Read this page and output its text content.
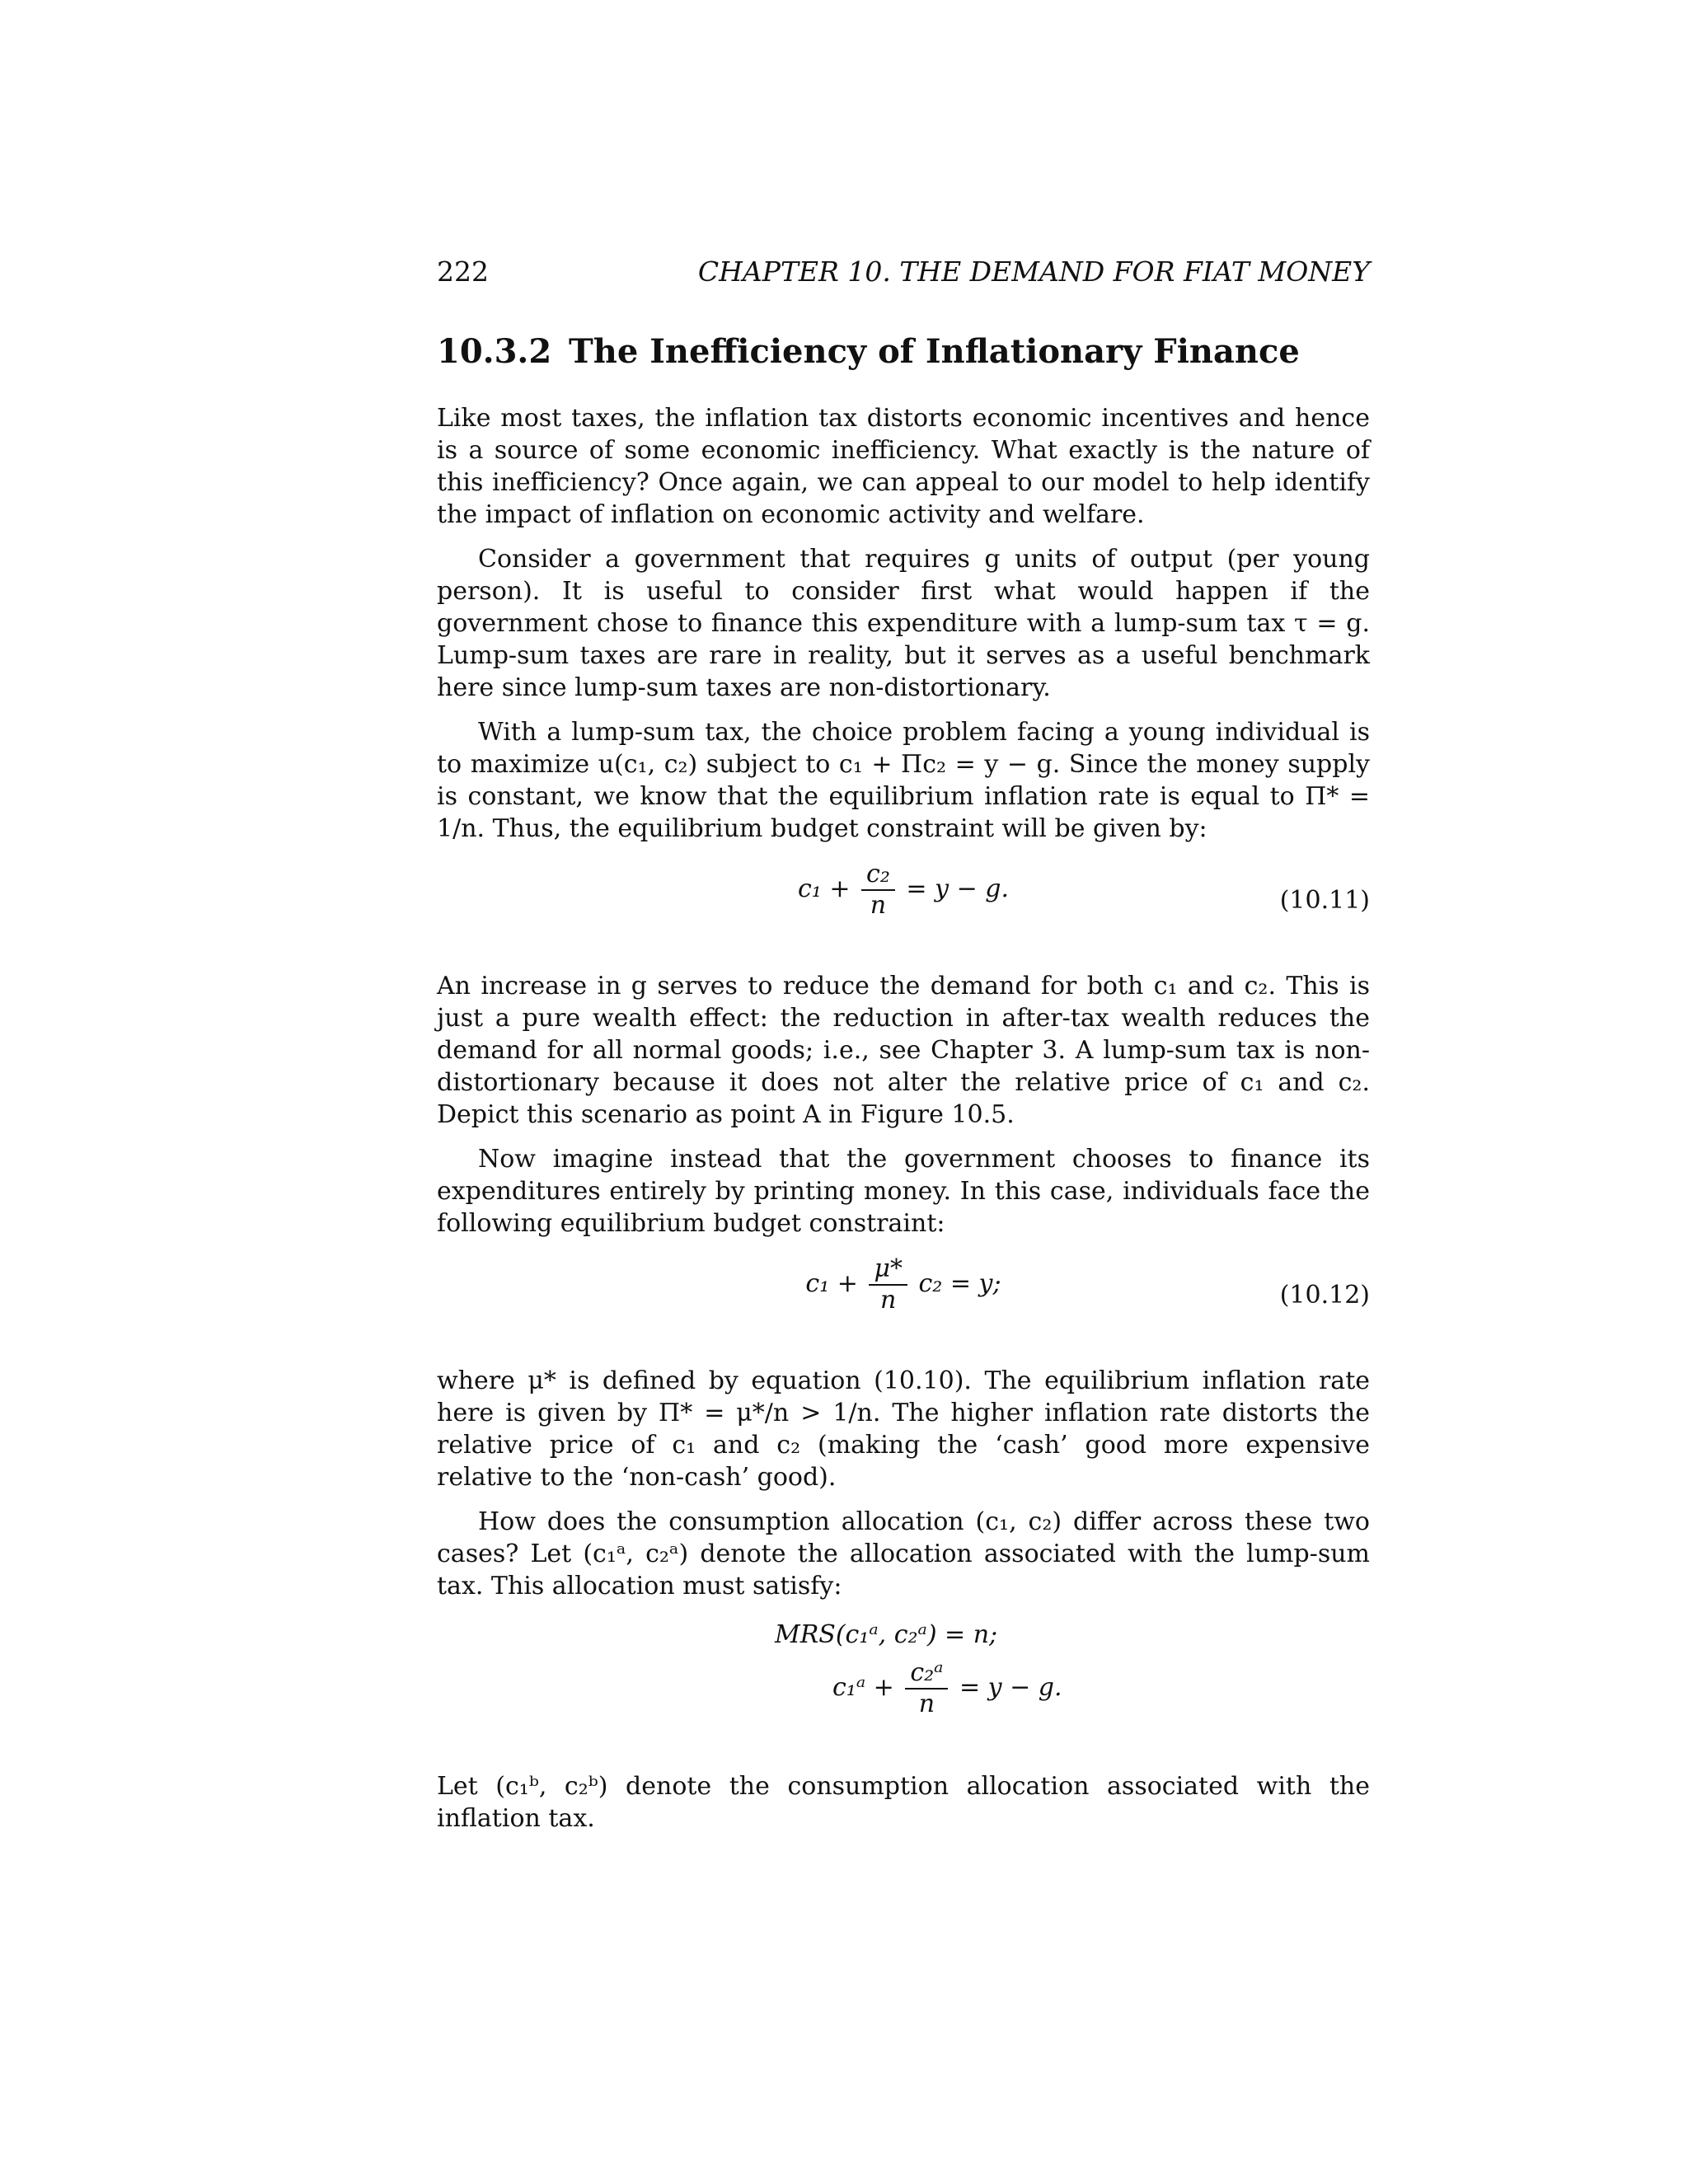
222	CHAPTER 10. THE DEMAND FOR FIAT MONEY
10.3.2 The Inefficiency of Inflationary Finance

Like most taxes, the inflation tax distorts economic incentives and hence is a source of some economic inefficiency. What exactly is the nature of this inefficiency? Once again, we can appeal to our model to help identify the impact of inflation on economic activity and welfare.

Consider a government that requires g units of output (per young person). It is useful to consider first what would happen if the government chose to finance this expenditure with a lump-sum tax τ = g. Lump-sum taxes are rare in reality, but it serves as a useful benchmark here since lump-sum taxes are non-distortionary.

With a lump-sum tax, the choice problem facing a young individual is to maximize u(c₁, c₂) subject to c₁ + Πc₂ = y − g. Since the money supply is constant, we know that the equilibrium inflation rate is equal to Π* = 1/n. Thus, the equilibrium budget constraint will be given by:

$c_1 + \frac{\text{c₂}}{n} = y - g$.	(10.11)

An increase in g serves to reduce the demand for both c₁ and c₂. This is just a pure wealth effect: the reduction in after-tax wealth reduces the demand for all normal goods; i.e., see Chapter 3. A lump-sum tax is non-distortionary because it does not alter the relative price of c₁ and c₂. Depict this scenario as point A in Figure 10.5.

Now imagine instead that the government chooses to finance its expenditures entirely by printing money. In this case, individuals face the following equilibrium budget constraint:

$c_1 + \frac{\mu*}{n} c_2 = y$;	(10.12)

where μ* is defined by equation (10.10). The equilibrium inflation rate here is given by Π* = μ*/n > 1/n. The higher inflation rate distorts the relative price of c₁ and c₂ (making the ‘cash’ good more expensive relative to the ‘non-cash’ good).

How does the consumption allocation (c₁, c₂) differ across these two cases? Let (c₁ᵃ, c₂ᵃ) denote the allocation associated with the lump-sum tax. This allocation must satisfy:

MRS(c₁ᵃ, c₂ᵃ) = n;
c₁ᵃ + $\frac{\text{c₂ᵃ}}{n} = y - g$.

Let (c₁ᵇ, c₂ᵇ) denote the consumption allocation associated with the inflation tax.
